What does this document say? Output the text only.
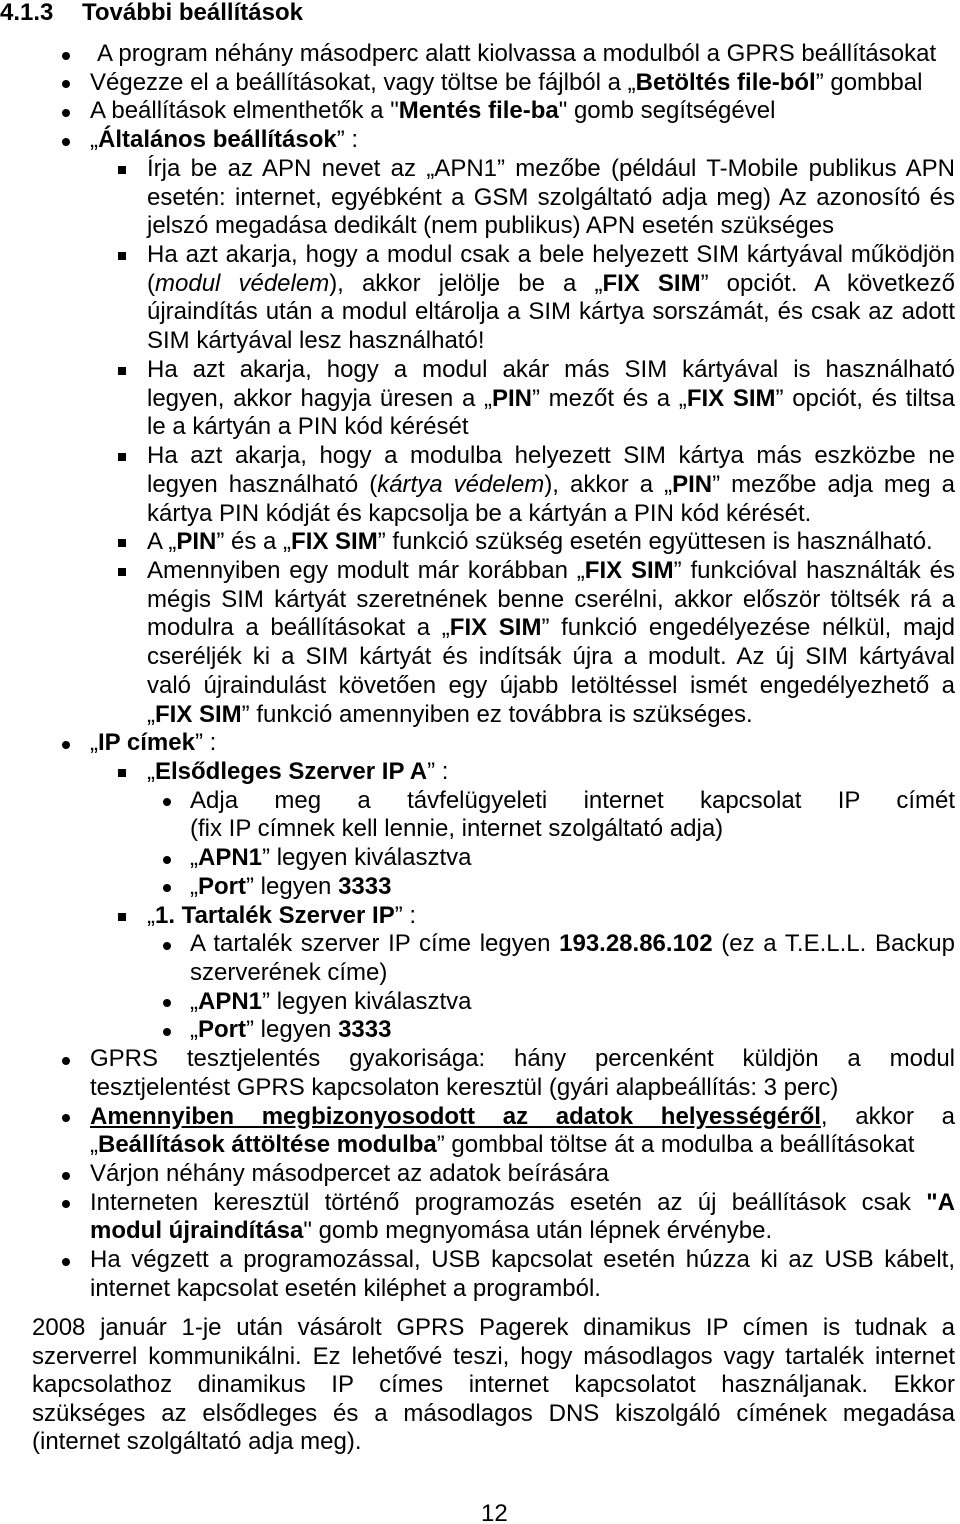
4.1.3 További beállítások
A program néhány másodperc alatt kiolvassa a modulból a GPRS beállításokat
Végezze el a beállításokat, vagy töltse be fájlból a „Betöltés file-ból” gombbal
A beállítások elmenthetők a "Mentés file-ba" gomb segítségével
„Általános beállítások” :
Írja be az APN nevet az „APN1” mezőbe (például T-Mobile publikus APN
esetén: internet, egyébként a GSM szolgáltató adja meg) Az azonosító és
jelszó megadása dedikált (nem publikus) APN esetén szükséges
Ha azt akarja, hogy a modul csak a bele helyezett SIM kártyával működjön
(modul védelem), akkor jelölje be a „FIX SIM” opciót. A következő
újraindítás után a modul eltárolja a SIM kártya sorszámát, és csak az adott
SIM kártyával lesz használható!
Ha azt akarja, hogy a modul akár más SIM kártyával is használható
legyen, akkor hagyja üresen a „PIN” mezőt és a „FIX SIM” opciót, és tiltsa
le a kártyán a PIN kód kérését
Ha azt akarja, hogy a modulba helyezett SIM kártya más eszközbe ne
legyen használható (kártya védelem), akkor a „PIN” mezőbe adja meg a
kártya PIN kódját és kapcsolja be a kártyán a PIN kód kérését.
A „PIN” és a „FIX SIM” funkció szükség esetén együttesen is használható.
Amennyiben egy modult már korábban „FIX SIM” funkcióval használták és
mégis SIM kártyát szeretnének benne cserélni, akkor először töltsék rá a
modulra a beállításokat a „FIX SIM” funkció engedélyezése nélkül, majd
cseréljék ki a SIM kártyát és indítsák újra a modult. Az új SIM kártyával
való újraindulást követően egy újabb letöltéssel ismét engedélyezhető a
„FIX SIM” funkció amennyiben ez továbbra is szükséges.
„IP címek” :
„Elsődleges Szerver IP A” :
Adja meg a távfelügyeleti internet kapcsolat IP címét
(fix IP címnek kell lennie, internet szolgáltató adja)
„APN1” legyen kiválasztva
„Port” legyen 3333
„1. Tartalék Szerver IP” :
A tartalék szerver IP címe legyen 193.28.86.102 (ez a T.E.L.L. Backup
szerverének címe)
„APN1” legyen kiválasztva
„Port” legyen 3333
GPRS tesztjelentés gyakorisága: hány percenként küldjön a modul
tesztjelentést GPRS kapcsolaton keresztül (gyári alapbeállítás: 3 perc)
Amennyiben megbizonyosodott az adatok helyességéről, akkor a
„Beállítások áttöltése modulba” gombbal töltse át a modulba a beállításokat
Várjon néhány másodpercet az adatok beírására
Interneten keresztül történő programozás esetén az új beállítások csak "A
modul újraindítása" gomb megnyomása után lépnek érvénybe.
Ha végzett a programozással, USB kapcsolat esetén húzza ki az USB kábelt,
internet kapcsolat esetén kiléphet a programból.
2008 január 1-je után vásárolt GPRS Pagerek dinamikus IP címen is tudnak a
szerverrel kommunikálni. Ez lehetővé teszi, hogy másodlagos vagy tartalék internet
kapcsolathoz dinamikus IP címes internet kapcsolatot használjanak. Ekkor
szükséges az elsődleges és a másodlagos DNS kiszolgáló címének megadása
(internet szolgáltató adja meg).
12
